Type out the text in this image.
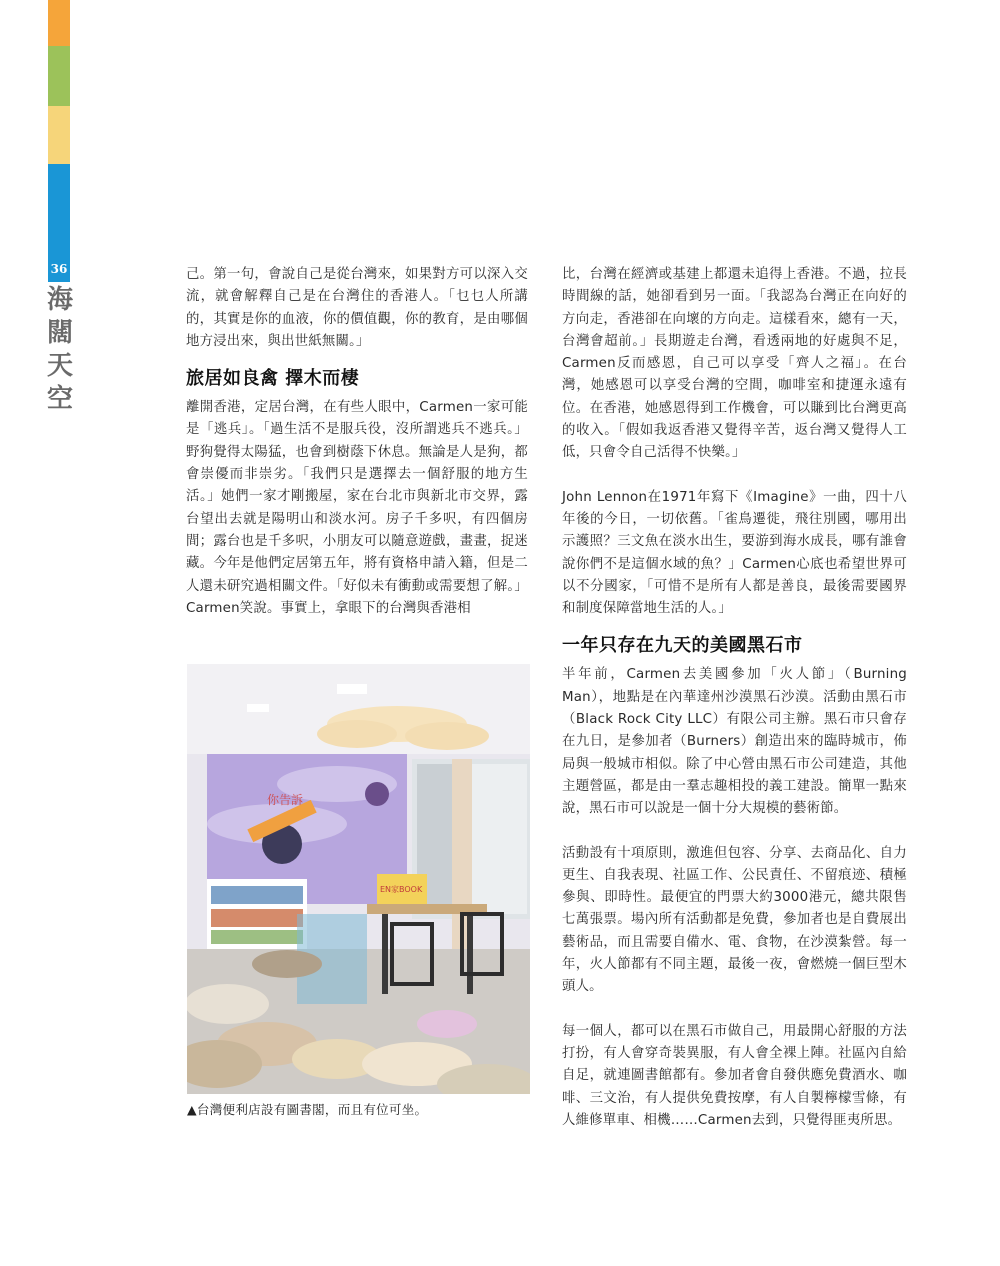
36
海
闊
天
空

己。第一句，會說自己是從台灣來，如果對方可以深入交流，就會解釋自己是在台灣住的香港人。「乜乜人所講的，其實是你的血液，你的價值觀，你的教育，是由哪個地方浸出來，與出世紙無關。」

旅居如良禽 擇木而棲

離開香港，定居台灣，在有些人眼中，Carmen一家可能是「逃兵」。「過生活不是服兵役，沒所謂逃兵不逃兵。」野狗覺得太陽猛，也會到樹蔭下休息。無論是人是狗，都會崇優而非崇劣。「我們只是選擇去一個舒服的地方生活。」她們一家才剛搬屋，家在台北市與新北市交界，露台望出去就是陽明山和淡水河。房子千多呎，有四個房間；露台也是千多呎，小朋友可以隨意遊戲，畫畫，捉迷藏。今年是他們定居第五年，將有資格申請入籍，但是二人還未研究過相關文件。「好似未有衝動或需要想了解。」Carmen笑說。事實上，拿眼下的台灣與香港相

你告訴
EN家BOOK
▲台灣便利店設有圖書閣，而且有位可坐。

比，台灣在經濟或基建上都還未追得上香港。不過，拉長時間線的話，她卻看到另一面。「我認為台灣正在向好的方向走，香港卻在向壞的方向走。這樣看來，總有一天，台灣會超前。」長期遊走台灣，看透兩地的好處與不足，Carmen反而感恩，自己可以享受「齊人之福」。在台灣，她感恩可以享受台灣的空間，咖啡室和捷運永遠有位。在香港，她感恩得到工作機會，可以賺到比台灣更高的收入。「假如我返香港又覺得辛苦，返台灣又覺得人工低，只會令自己活得不快樂。」

John Lennon在1971年寫下《Imagine》一曲，四十八年後的今日，一切依舊。「雀鳥遷徙，飛往別國，哪用出示護照？三文魚在淡水出生，要游到海水成長，哪有誰會說你們不是這個水域的魚？」Carmen心底也希望世界可以不分國家，「可惜不是所有人都是善良，最後需要國界和制度保障當地生活的人。」

一年只存在九天的美國黑石市

半年前，Carmen去美國參加「火人節」（Burning Man），地點是在內華達州沙漠黑石沙漠。活動由黑石市（Black Rock City LLC）有限公司主辦。黑石市只會存在九日，是參加者（Burners）創造出來的臨時城市，佈局與一般城市相似。除了中心營由黑石市公司建造，其他主題營區，都是由一羣志趣相投的義工建設。簡單一點來說，黑石市可以說是一個十分大規模的藝術節。

活動設有十項原則，激進但包容、分享、去商品化、自力更生、自我表現、社區工作、公民責任、不留痕迹、積極參與、即時性。最便宜的門票大約3000港元，總共限售七萬張票。場內所有活動都是免費，參加者也是自費展出藝術品，而且需要自備水、電、食物，在沙漠紮營。每一年，火人節都有不同主題，最後一夜，會燃燒一個巨型木頭人。

每一個人，都可以在黑石市做自己，用最開心舒服的方法打扮，有人會穿奇裝異服，有人會全裸上陣。社區內自給自足，就連圖書館都有。參加者會自發供應免費酒水、咖啡、三文治，有人提供免費按摩，有人自製檸檬雪條，有人維修單車、相機……Carmen去到，只覺得匪夷所思。
